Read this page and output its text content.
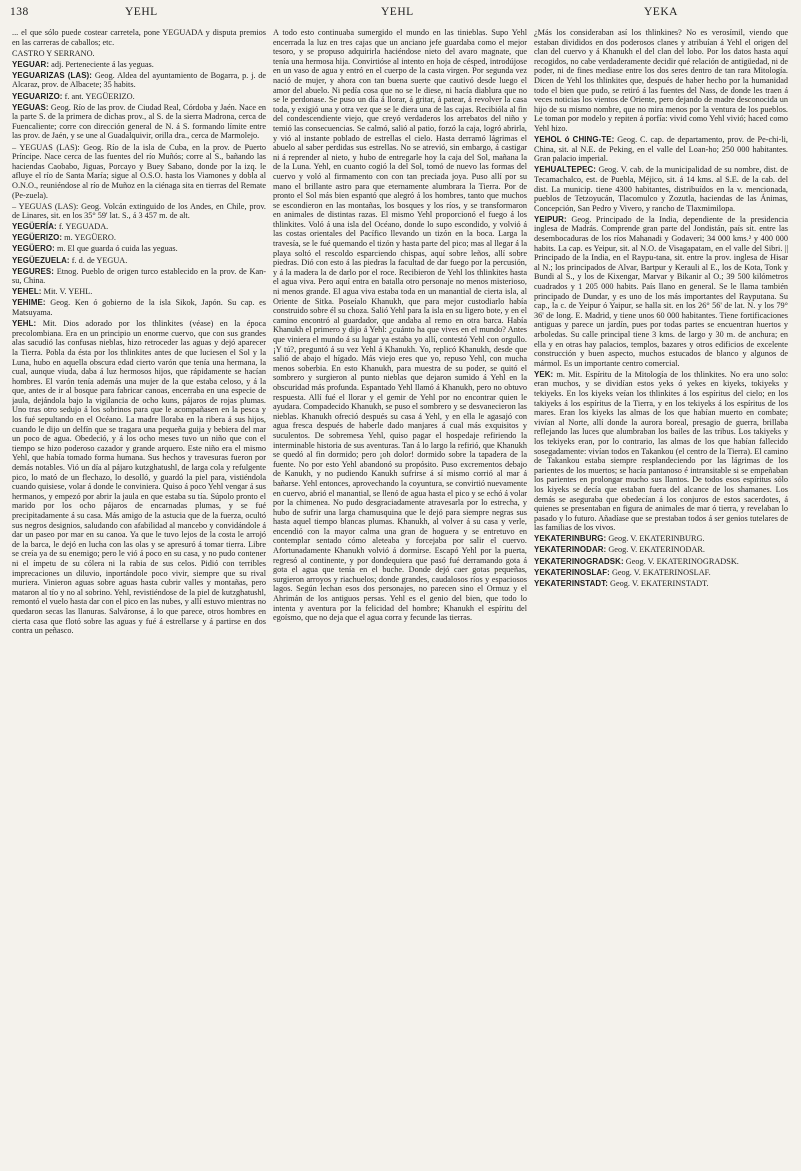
138	YEHL	YEHL	YEKA

... el que sólo puede costear carretela, pone YEGUADA y disputa premios en las carreras de caballos; etc.

CASTRO Y SERRANO.

YEGUAR: adj. Perteneciente á las yeguas.

YEGUARIZAS (LAS): Geog. Aldea del ayuntamiento de Bogarra, p. j. de Alcaraz, prov. de Albacete; 35 habits.

YEGUARIZO: f. ant. YEGÜERIZO.

YEGUAS: Geog. Río de las prov. de Ciudad Real, Córdoba y Jaén. Nace en la parte S. de la primera de dichas prov., al S. de la sierra Madrona, cerca de Fuencaliente; corre con dirección general de N. á S. formando límite entre las prov. de Jaén, y se une al Guadalquivir, orilla dra., cerca de Marmolejo.

– YEGUAS (LAS): Geog. Río de la isla de Cuba, en la prov. de Puerto Príncipe. Nace cerca de las fuentes del río Muñós; corre al S., bañando las haciendas Caobabo, Jiguas, Porcayo y Buey Sabano, donde por la izq. le afluye el río de Santa María; sigue al O.S.O. hasta los Viamones y dobla al O.N.O., reuniéndose al río de Muñoz en la ciénaga sita en tierras del Remate (Pe-zuela).

– YEGUAS (LAS): Geog. Volcán extinguido de los Andes, en Chile, prov. de Linares, sit. en los 35° 59' lat. S., á 3 457 m. de alt.

YEGÜERÍA: f. YEGUADA.

YEGÜERIZO: m. YEGÜERO.

YEGÜERO: m. El que guarda ó cuida las yeguas.

YEGÜEZUELA: f. d. de YEGUA.

YEGURES: Etnog. Pueblo de origen turco establecido en la prov. de Kan-su, China.

YEHEL: Mit. V. YEHL.

YEHIME: Geog. Ken ó gobierno de la isla Sikok, Japón. Su cap. es Matsuyama.

YEHL: Mit. Dios adorado por los thlinkites (véase) en la época precolombiana. Era en un principio un enorme cuervo, que con sus grandes alas sacudió las confusas nieblas, hizo retroceder las aguas y dejó aparecer la Tierra. Pobla da ésta por los thlinkites antes de que luciesen el Sol y la Luna, hubo en aquella obscura edad cierto varón que tenía una hermana, la cual, aunque viuda, daba á luz hermosos hijos, que rápidamente se hacían hombres. El varón tenía además una mujer de la que estaba celoso, y á la que, antes de ir al bosque para fabricar canoas, encerraba en una especie de jaula, dejándola bajo la vigilancia de ocho kuns, pájaros de rojas plumas. Uno tras otro sedujo á los sobrinos para que le acompañasen en la pesca y los fué sepultando en el Océano. La madre lloraba en la ribera á sus hijos, cuando le dijo un delfín que se tragara una pequeña guija y bebiera del mar un poco de agua. Obedeció, y á los ocho meses tuvo un niño que con el tiempo se hizo poderoso cazador y grande arquero. Este niño era el mismo Yehl, que había tomado forma humana. Sus hechos y travesuras fueron por demás notables. Vió un día al pájaro kutzghatushl, de larga cola y refulgente pico, lo mató de un flechazo, lo desolló, y guardó la piel para, vistiéndola cuando quisiese, volar á donde le conviniera. Quiso á poco Yehl vengar á sus hermanos, y empezó por abrir la jaula en que estaba su tía. Súpolo pronto el marido por los ocho pájaros de encarnadas plumas, y se fué precipitadamente á su casa. Más amigo de la astucia que de la fuerza, ocultó sus negros designios, saludando con afabilidad al mancebo y convidándole á dar un paseo por mar en su canoa. Ya que le tuvo lejos de la costa le arrojó de la barca, le dejó en lucha con las olas y se apresuró á tomar tierra. Libre se creía ya de su enemigo; pero le vió á poco en su casa, y no pudo contener ni el ímpetu de su cólera ni la rabia de sus celos. Pidió con terribles imprecaciones un diluvio, inportándole poco vivir, siempre que su rival muriera. Vinieron aguas sobre aguas hasta cubrir valles y montañas, pero mataron al tío y no al sobrino. Yehl, revistiéndose de la piel de kutzghatushl, remontó el vuelo hasta dar con el pico en las nubes, y allí estuvo mientras no quedaron secas las llanuras. Salváronse, á lo que parece, otros hombres en cierta casa que flotó sobre las aguas y fué á estrellarse y á partirse en dos contra un peñasco.

A todo esto continuaba sumergido el mundo en las tinieblas. Supo Yehl encerrada la luz en tres cajas que un anciano jefe guardaba como el mejor tesoro, y se propuso adquirirla haciéndose nieto del avaro magnate, que tenía una hermosa hija. Convirtióse al intento en hoja de césped, introdújose en un vaso de agua y entró en el cuerpo de la casta virgen. Por segunda vez nació de mujer, y ahora con tan buena suerte que cautivó desde luego el amor del abuelo. Ni pedía cosa que no se le diese, ni hacía diablura que no se le perdonase. Se puso un día á llorar, á gritar, á patear, á revolver la casa toda, y exigió una y otra vez que se le diera una de las cajas. Recibióla al fin del condescendiente viejo, que creyó verdaderos los arrebatos del niño y temió las consecuencias. Se calmó, salió al patio, forzó la caja, logró abrirla, y vió al instante poblado de estrellas el cielo. Hasta derramó lágrimas el abuelo al saber perdidas sus estrellas. No se atrevió, sin embargo, á castigar ni á reprender al nieto, y hubo de entregarle hoy la caja del Sol, mañana la de la Luna. Yehl, en cuanto cogió la del Sol, tomó de nuevo las formas del cuervo y voló al firmamento con con tan preciada joya. Puso allí por su mano el brillante astro para que eternamente alumbrara la Tierra. Por de pronto el Sol más bien espantó que alegró á los hombres, tanto que muchos se escondieron en las montañas, los bosques y los ríos, y se transformaron en animales de distintas razas. El mismo Yehl proporcionó el fuego á los thlinkites. Voló á una isla del Océano, donde lo supo escondido, y volvió á las costas orientales del Pacífico llevando un tizón en la boca. Larga la travesía, se le fué quemando el tizón y hasta parte del pico; mas al llegar á la playa soltó el rescoldo esparciendo chispas, aquí sobre leños, allí sobre piedras. Dió con esto á las piedras la facultad de dar fuego por la percusión, y á la madera la de darlo por el roce. Recibieron de Yehl los thlinkites hasta el agua viva. Pero aquí entra en batalla otro personaje no menos misterioso, ni menos grande. El agua viva estaba toda en un manantial de cierta isla, al Oriente de Sitka. Poseíalo Khanukh, que para mejor custodiarlo había construido sobre él su choza. Salió Yehl para la isla en su ligero bote, y en el camino encontró al guardador, que andaba al remo en otra barca. Había Khanukh el primero y dijo á Yehl: ¿cuánto ha que vives en el mundo? Antes que viniera el mundo á su lugar ya estaba yo allí, contestó Yehl con orgullo. ¡Y tú?, preguntó á su vez Yehl á Khanukh. Yo, replicó Khanukh, desde que salió de abajo el hígado. Más viejo eres que yo, repuso Yehl, con mucha menos soberbia. En esto Khanukh, para muestra de su poder, se quitó el sombrero y surgieron al punto nieblas que dejaron sumido á Yehl en la obscuridad más profunda. Espantado Yehl llamó á Khanukh, pero no obtuvo respuesta. Allí fué el llorar y el gemir de Yehl por no encontrar quien le ayudara. Compadecido Khanukh, se puso el sombrero y se desvanecieron las nieblas. Khanukh ofreció después su casa á Yehl, y en ella le agasajó con agua fresca después de haberle dado manjares á cual más exquisitos y suculentos. De sobremesa Yehl, quiso pagar el hospedaje refiriendo la interminable historia de sus aventuras. Tan á lo largo la refirió, que Khanukh se quedó al fin dormido; pero ¡oh dolor! dormido sobre la tapadera de la fuente. No por esto Yehl abandonó su propósito. Puso excrementos debajo de Kanukh, y no pudiendo Kanukh sufrirse á sí mismo corrió al mar á bañarse. Yehl entonces, aprovechando la coyuntura, se convirtió nuevamente en cuervo, abrió el manantial, se llenó de agua hasta el pico y se echó á volar por la chimenea. No pudo desgraciadamente atravesarla por lo estrecha, y hubo de sufrir una larga chamusquina que le dejó para siempre negras sus hasta aquel tiempo blancas plumas. Khanukh, al volver á su casa y verle, encendió con la mayor calma una gran de hoguera y se entretuvo en contemplar sentado cómo aleteaba y forcejaba por salir el cuervo. Afortunadamente Khanukh volvió á dormirse. Escapó Yehl por la puerta, regresó al continente, y por dondequiera que pasó fué derramando gota á gota el agua que tenía en el buche. Donde dejó caer gotas pequeñas, surgieron arroyos y riachuelos; donde grandes, caudalosos ríos y espaciosos lagos. Según lechan esos dos personajes, no parecen sino el Ormuz y el Ahrimán de los antiguos persas. Yehl es el genio del bien, que todo lo intenta y aventura por la felicidad del hombre; Khanukh el espíritu del egoísmo, que no deja que el agua corra y fecunde las tierras.

¿Más los consideraban así los thlinkines? No es verosímil, viendo que estaban divididos en dos poderosos clanes y atribuían á Yehl el origen del clan del cuervo y á Khanukh el del clan del lobo. Por los datos hasta aquí recogidos, no cabe verdaderamente decidir qué relación de antigüedad, ni de poder, ni de fines mediase entre los dos seres dentro de tan rara Mitología. Dicen de Yehl los thlinkites que, después de haber hecho por la humanidad todo el bien que pudo, se retiró á las fuentes del Nass, de donde les traen á veces noticias los vientos de Oriente, pero dejando de madre desconocida un hijo de su mismo nombre, que no mira menos por la ventura de los pueblos. Le toman por modelo y repiten á porfía: vivid como Yehl vivió; haced como Yehl hizo.

YEHOL ó CHING-TE: Geog. C. cap. de departamento, prov. de Pe-chi-li, China, sit. al N.E. de Peking, en el valle del Loan-ho; 250 000 habitantes. Gran palacio imperial.

YEHUALTEPEC: Geog. V. cab. de la municipalidad de su nombre, dist. de Tecamachalco, est. de Puebla, Méjico, sit. á 14 kms. al S.E. de la cab. del dist. La municip. tiene 4300 habitantes, distribuídos en la v. mencionada, pueblos de Tetzoyucán, Tlacomulco y Zozutla, haciendas de las Ánimas, Concepción, San Pedro y Vivero, y rancho de Tlaxmimilopa.

YEIPUR: Geog. Principado de la India, dependiente de la presidencia inglesa de Madrás. Comprende gran parte del Jondistán, país sit. entre las desembocaduras de los ríos Mahanadi y Godaveri; 34 000 kms.² y 400 000 habits. La cap. es Yeipur, sit. al N.O. de Visagapatam, en el valle del Sibri. || Principado de la India, en el Raypu-tana, sit. entre la prov. inglesa de Hisar al N.; los principados de Alvar, Bartpur y Kerauli al E., los de Kota, Tonk y Bundi al S., y los de Kixengar, Marvar y Bikanir al O.; 39 500 kilómetros cuadrados y 1 205 000 habits. País llano en general. Se le llama también principado de Dundar, y es uno de los más importantes del Rayputana. Su cap., la c. de Yeipur ó Yaipur, se halla sit. en los 26° 56' de lat. N. y los 79° 36' de long. E. Madrid, y tiene unos 60 000 habitantes. Tiene fortificaciones antiguas y parece un jardín, pues por todas partes se encuentran huertos y arboledas. Su calle principal tiene 3 kms. de largo y 30 m. de anchura; en ella y en otras hay palacios, templos, bazares y otros edificios de excelente construcción y buen aspecto, muchos estucados de blanco y algunos de mármol. Es un importante centro comercial.

YEK: m. Mit. Espíritu de la Mitología de los thlinkites. No era uno solo: eran muchos, y se dividían estos yeks ó yekes en kiyeks, tokiyeks y tekiyeks. En los kiyeks veían los thlinkites á los espíritus del cielo; en los takiyeks á los espíritus de la Tierra, y en los tekiyeks á los espíritus de los mares. Eran los kiyeks las almas de los que habían muerto en combate; vivían al Norte, allí donde la aurora boreal, presagio de guerra, brillaba reflejando las luces que alumbraban los bailes de las tribus. Los takiyeks y los tekiyeks eran, por lo contrario, las almas de los que habían fallecido sosegadamente: vivían todos en Takankou (el centro de la Tierra). El camino de Takankou estaba siempre resplandeciendo por las lágrimas de los parientes de los muertos; se hacía pantanoso é intransitable si se empeñaban los parientes en prolongar mucho sus llantos. De todos esos espíritus sólo los kiyeks se decía que estaban fuera del alcance de los shamanes. Los demás se aseguraba que obedecían á los conjuros de estos sacerdotes, á quienes se presentaban en figura de animales de mar ó tierra, y revelaban lo pasado y lo futuro. Añadíase que se prestaban todos á ser genios tutelares de las familias de los vivos.

YEKATERINBURG: Geog. V. EKATERINBURG.

YEKATERINODAR: Geog. V. EKATERINODAR.

YEKATERINOGRADSK: Geog. V. EKATERINOGRADSK.

YEKATERINOSLAF: Geog. V. EKATERINOSLAF.

YEKATERINSTADT: Geog. V. EKATERINSTADT.
